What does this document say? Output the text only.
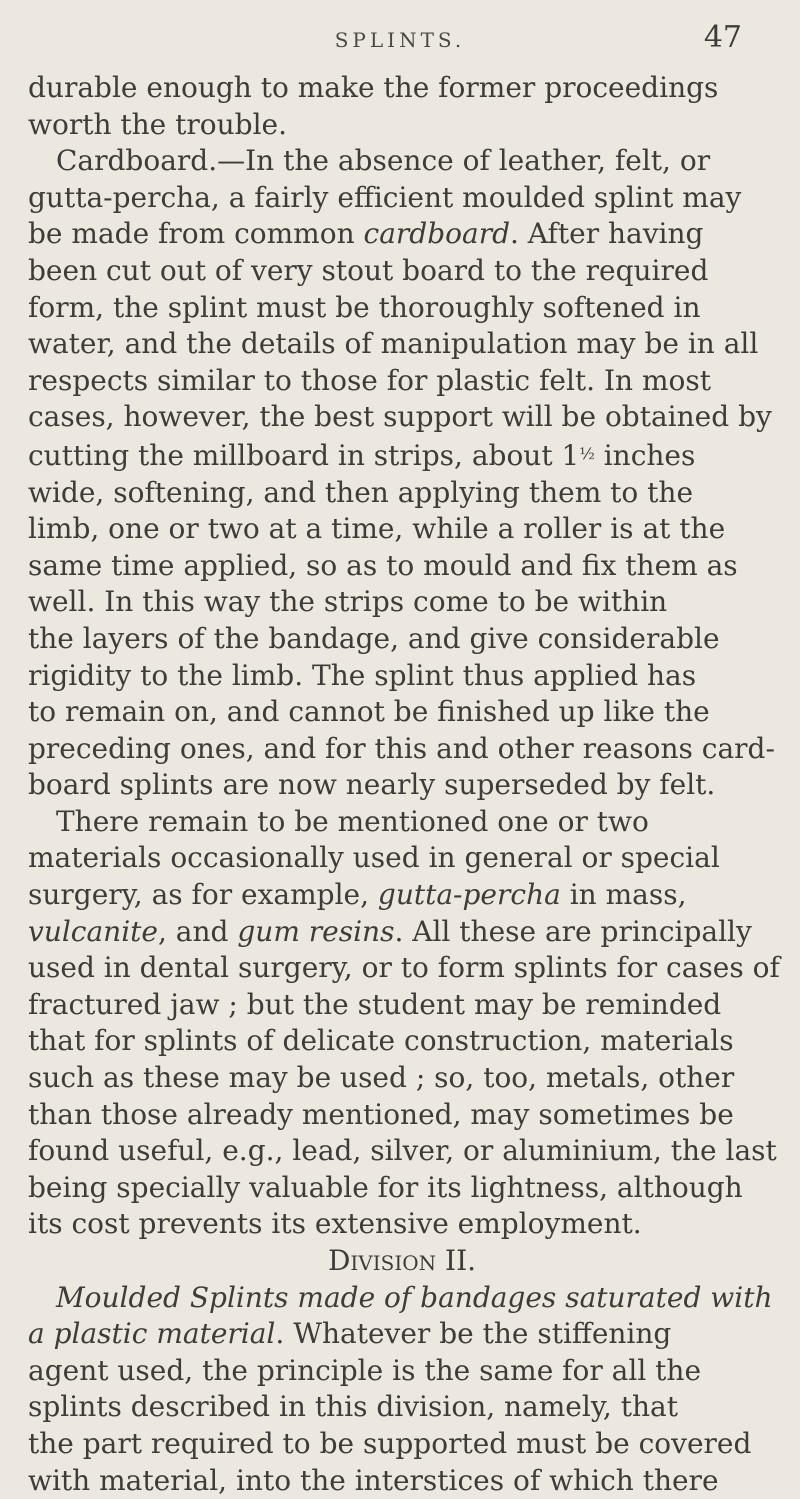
SPLINTS.	47
durable enough to make the former proceedings
worth the trouble.
Cardboard.—In the absence of leather, felt, or
gutta-percha, a fairly efficient moulded splint may
be made from common cardboard. After having
been cut out of very stout board to the required
form, the splint must be thoroughly softened in
water, and the details of manipulation may be in all
respects similar to those for plastic felt. In most
cases, however, the best support will be obtained by
cutting the millboard in strips, about 1½ inches
wide, softening, and then applying them to the
limb, one or two at a time, while a roller is at the
same time applied, so as to mould and fix them as
well. In this way the strips come to be within
the layers of the bandage, and give considerable
rigidity to the limb. The splint thus applied has
to remain on, and cannot be finished up like the
preceding ones, and for this and other reasons card-
board splints are now nearly superseded by felt.
There remain to be mentioned one or two
materials occasionally used in general or special
surgery, as for example, gutta-percha in mass,
vulcanite, and gum resins. All these are principally
used in dental surgery, or to form splints for cases of
fractured jaw ; but the student may be reminded
that for splints of delicate construction, materials
such as these may be used ; so, too, metals, other
than those already mentioned, may sometimes be
found useful, e.g., lead, silver, or aluminium, the last
being specially valuable for its lightness, although
its cost prevents its extensive employment.
Division II.
Moulded Splints made of bandages saturated with
a plastic material. Whatever be the stiffening
agent used, the principle is the same for all the
splints described in this division, namely, that
the part required to be supported must be covered
with material, into the interstices of which there
